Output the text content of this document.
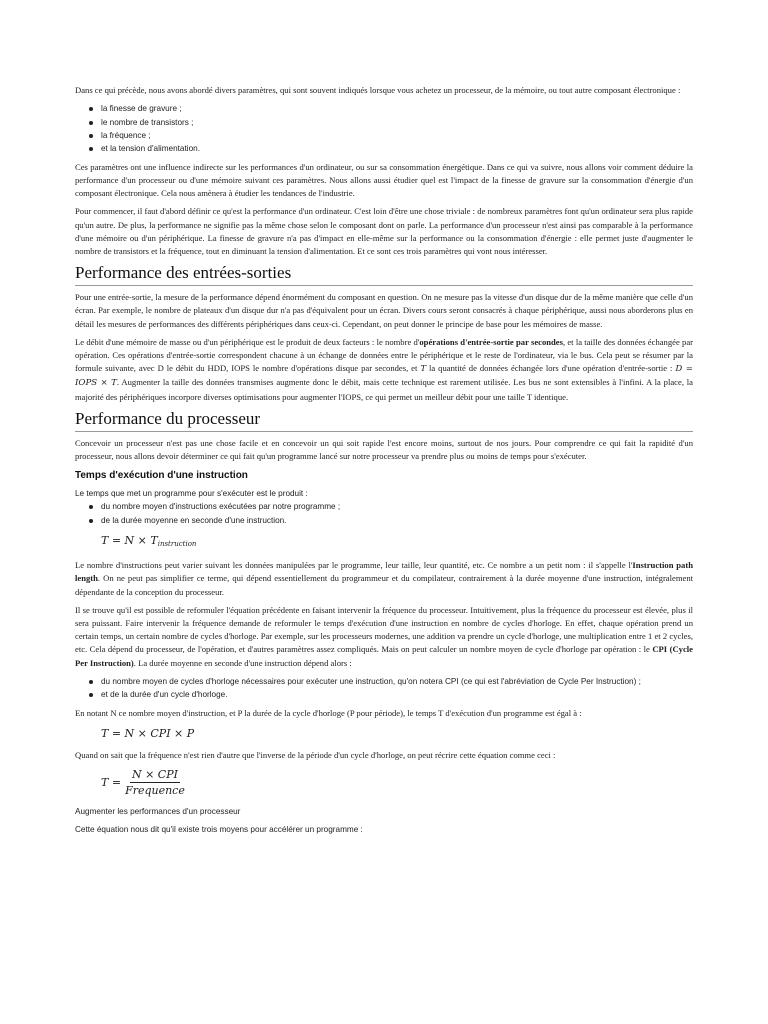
Dans ce qui précède, nous avons abordé divers paramètres, qui sont souvent indiqués lorsque vous achetez un processeur, de la mémoire, ou tout autre composant électronique :

la finesse de gravure ;
le nombre de transistors ;
la fréquence ;
et la tension d'alimentation.

Ces paramètres ont une influence indirecte sur les performances d'un ordinateur, ou sur sa consommation énergétique. Dans ce qui va suivre, nous allons voir comment déduire la performance d'un processeur ou d'une mémoire suivant ces paramètres. Nous allons aussi étudier quel est l'impact de la finesse de gravure sur la consommation d'énergie d'un composant électronique. Cela nous amènera à étudier les tendances de l'industrie.

Pour commencer, il faut d'abord définir ce qu'est la performance d'un ordinateur. C'est loin d'être une chose triviale : de nombreux paramètres font qu'un ordinateur sera plus rapide qu'un autre. De plus, la performance ne signifie pas la même chose selon le composant dont on parle. La performance d'un processeur n'est ainsi pas comparable à la performance d'une mémoire ou d'un périphérique. La finesse de gravure n'a pas d'impact en elle-même sur la performance ou la consommation d'énergie : elle permet juste d'augmenter le nombre de transistors et la fréquence, tout en diminuant la tension d'alimentation. Et ce sont ces trois paramètres qui vont nous intéresser.

Performance des entrées-sorties

Pour une entrée-sortie, la mesure de la performance dépend énormément du composant en question. On ne mesure pas la vitesse d'un disque dur de la même manière que celle d'un écran. Par exemple, le nombre de plateaux d'un disque dur n'a pas d'équivalent pour un écran. Divers cours seront consacrés à chaque périphérique, aussi nous aborderons plus en détail les mesures de performances des différents périphériques dans ceux-ci. Cependant, on peut donner le principe de base pour les mémoires de masse.

Le débit d'une mémoire de masse ou d'un périphérique est le produit de deux facteurs : le nombre d'opérations d'entrée-sortie par secondes, et la taille des données échangée par opération. Ces opérations d'entrée-sortie correspondent chacune à un échange de données entre le périphérique et le reste de l'ordinateur, via le bus. Cela peut se résumer par la formule suivante, avec D le débit du HDD, IOPS le nombre d'opérations disque par secondes, et T la quantité de données échangée lors d'une opération d'entrée-sortie : D = IOPS × T. Augmenter la taille des données transmises augmente donc le débit, mais cette technique est rarement utilisée. Les bus ne sont extensibles à l'infini. A la place, la majorité des périphériques incorpore diverses optimisations pour augmenter l'IOPS, ce qui permet un meilleur débit pour une taille T identique.

Performance du processeur

Concevoir un processeur n'est pas une chose facile et en concevoir un qui soit rapide l'est encore moins, surtout de nos jours. Pour comprendre ce qui fait la rapidité d'un processeur, nous allons devoir déterminer ce qui fait qu'un programme lancé sur notre processeur va prendre plus ou moins de temps pour s'exécuter.

Temps d'exécution d'une instruction

Le temps que met un programme pour s'exécuter est le produit :

du nombre moyen d'instructions exécutées par notre programme ;
de la durée moyenne en seconde d'une instruction.
T = N × Tinstruction

Le nombre d'instructions peut varier suivant les données manipulées par le programme, leur taille, leur quantité, etc. Ce nombre a un petit nom : il s'appelle l'Instruction path length. On ne peut pas simplifier ce terme, qui dépend essentiellement du programmeur et du compilateur, contrairement à la durée moyenne d'une instruction, intégralement dépendante de la conception du processeur.

Il se trouve qu'il est possible de reformuler l'équation précédente en faisant intervenir la fréquence du processeur. Intuitivement, plus la fréquence du processeur est élevée, plus il sera puissant. Faire intervenir la fréquence demande de reformuler le temps d'exécution d'une instruction en nombre de cycles d'horloge. En effet, chaque opération prend un certain temps, un certain nombre de cycles d'horloge. Par exemple, sur les processeurs modernes, une addition va prendre un cycle d'horloge, une multiplication entre 1 et 2 cycles, etc. Cela dépend du processeur, de l'opération, et d'autres paramètres assez compliqués. Mais on peut calculer un nombre moyen de cycle d'horloge par opération : le CPI (Cycle Per Instruction). La durée moyenne en seconde d'une instruction dépend alors :

du nombre moyen de cycles d'horloge nécessaires pour exécuter une instruction, qu'on notera CPI (ce qui est l'abréviation de Cycle Per Instruction) ;
et de la durée d'un cycle d'horloge.

En notant N ce nombre moyen d'instruction, et P la durée de la cycle d'horloge (P pour période), le temps T d'exécution d'un programme est égal à :

T = N × CPI × P

Quand on sait que la fréquence n'est rien d'autre que l'inverse de la période d'un cycle d'horloge, on peut récrire cette équation comme ceci :

$T = \frac{\text{N × CPI}}{\text{Frequence}}$

Augmenter les performances d'un processeur

Cette équation nous dit qu'il existe trois moyens pour accélérer un programme :
